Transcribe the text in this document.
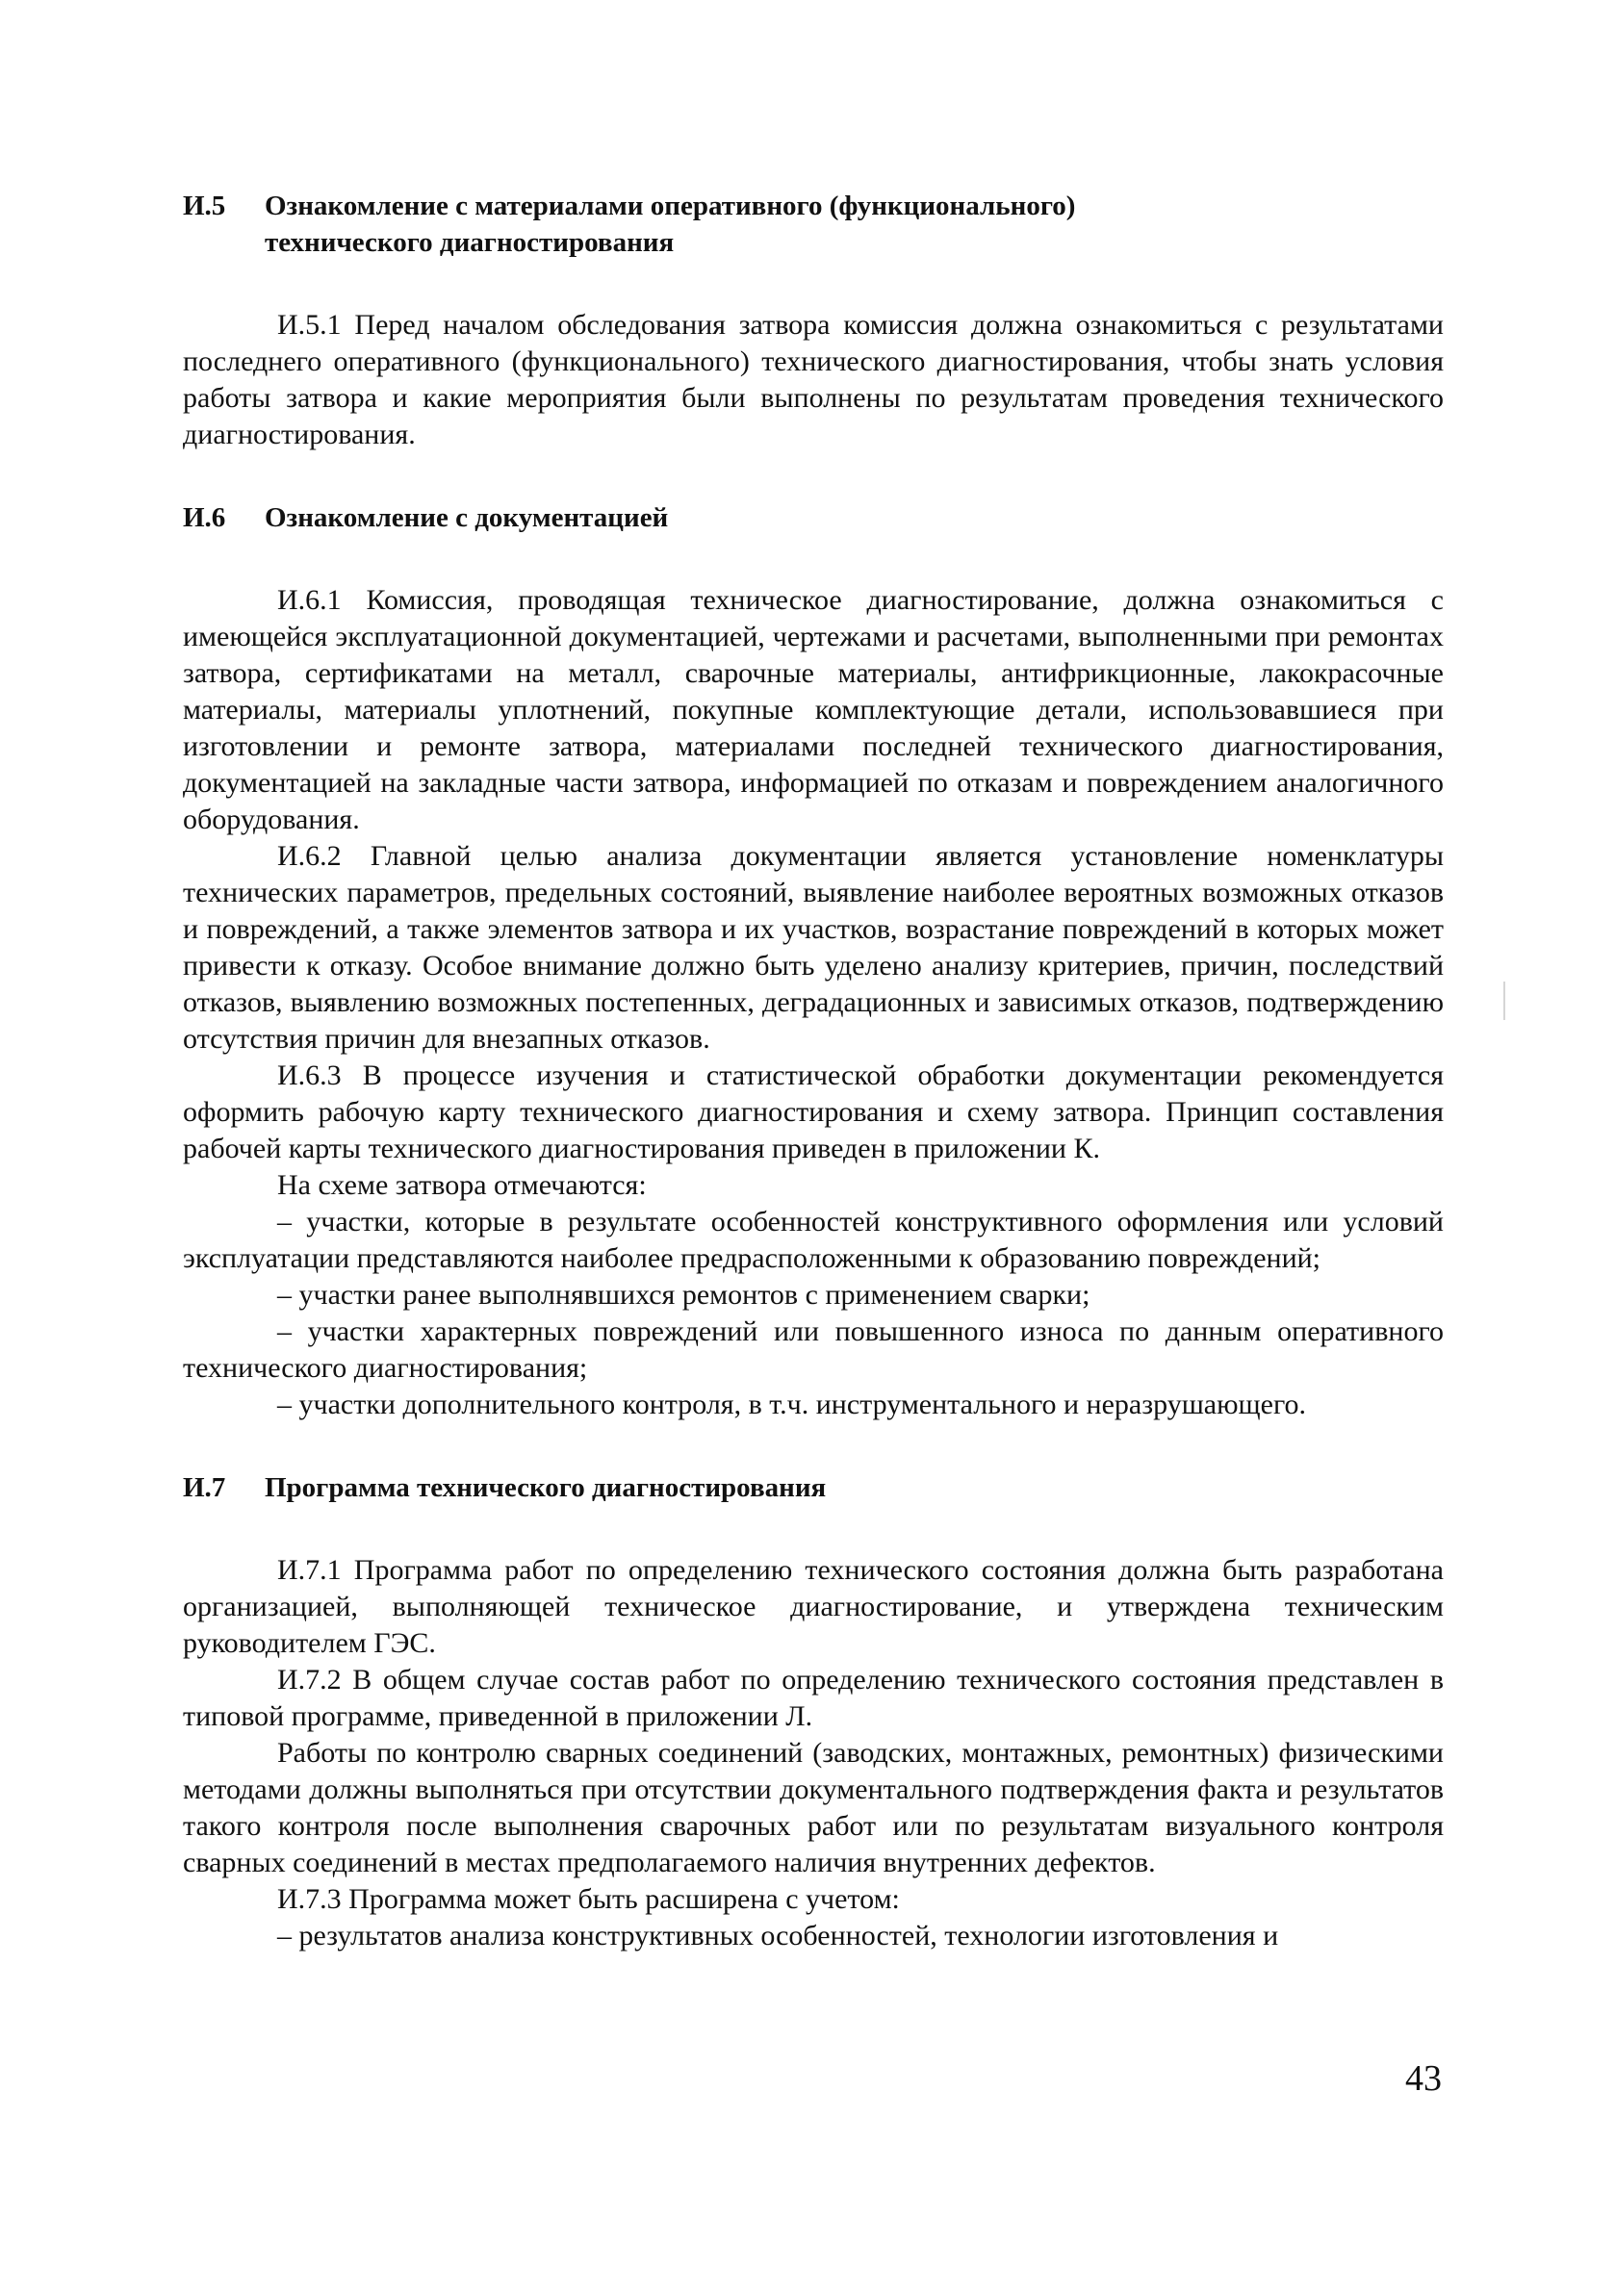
И.5	Ознакомление с материалами оперативного (функционального)
технического диагностирования

И.5.1 Перед началом обследования затвора комиссия должна ознакомиться с результатами последнего оперативного (функционального) технического диагностирования, чтобы знать условия работы затвора и какие мероприятия были выполнены по результатам проведения технического диагностирования.

И.6	Ознакомление с документацией

И.6.1 Комиссия, проводящая техническое диагностирование, должна ознакомиться с имеющейся эксплуатационной документацией, чертежами и расчетами, выполненными при ремонтах затвора, сертификатами на металл, сварочные материалы, антифрикционные, лакокрасочные материалы, материалы уплотнений, покупные комплектующие детали, использовавшиеся при изготовлении и ремонте затвора, материалами последней технического диагностирования, документацией на закладные части затвора, информацией по отказам и повреждением аналогичного оборудования.

И.6.2 Главной целью анализа документации является установление номенклатуры технических параметров, предельных состояний, выявление наиболее вероятных возможных отказов и повреждений, а также элементов затвора и их участков, возрастание повреждений в которых может привести к отказу. Особое внимание должно быть уделено анализу критериев, причин, последствий отказов, выявлению возможных постепенных, деградационных и зависимых отказов, подтверждению отсутствия причин для внезапных отказов.

И.6.3 В процессе изучения и статистической обработки документации рекомендуется оформить рабочую карту технического диагностирования и схему затвора. Принцип составления рабочей карты технического диагностирования приведен в приложении К.

На схеме затвора отмечаются:

– участки, которые в результате особенностей конструктивного оформления или условий эксплуатации представляются наиболее предрасположенными к образованию повреждений;

– участки ранее выполнявшихся ремонтов с применением сварки;

– участки характерных повреждений или повышенного износа по данным оперативного технического диагностирования;

– участки дополнительного контроля, в т.ч. инструментального и неразрушающего.

И.7	Программа технического диагностирования

И.7.1 Программа работ по определению технического состояния должна быть разработана организацией, выполняющей техническое диагностирование, и утверждена техническим руководителем ГЭС.

И.7.2 В общем случае состав работ по определению технического состояния представлен в типовой программе, приведенной в приложении Л.

Работы по контролю сварных соединений (заводских, монтажных, ремонтных) физическими методами должны выполняться при отсутствии документального подтверждения факта и результатов такого контроля после выполнения сварочных работ или по результатам визуального контроля сварных соединений в местах предполагаемого наличия внутренних дефектов.

И.7.3 Программа может быть расширена с учетом:

– результатов анализа конструктивных особенностей, технологии изготовления и

43
